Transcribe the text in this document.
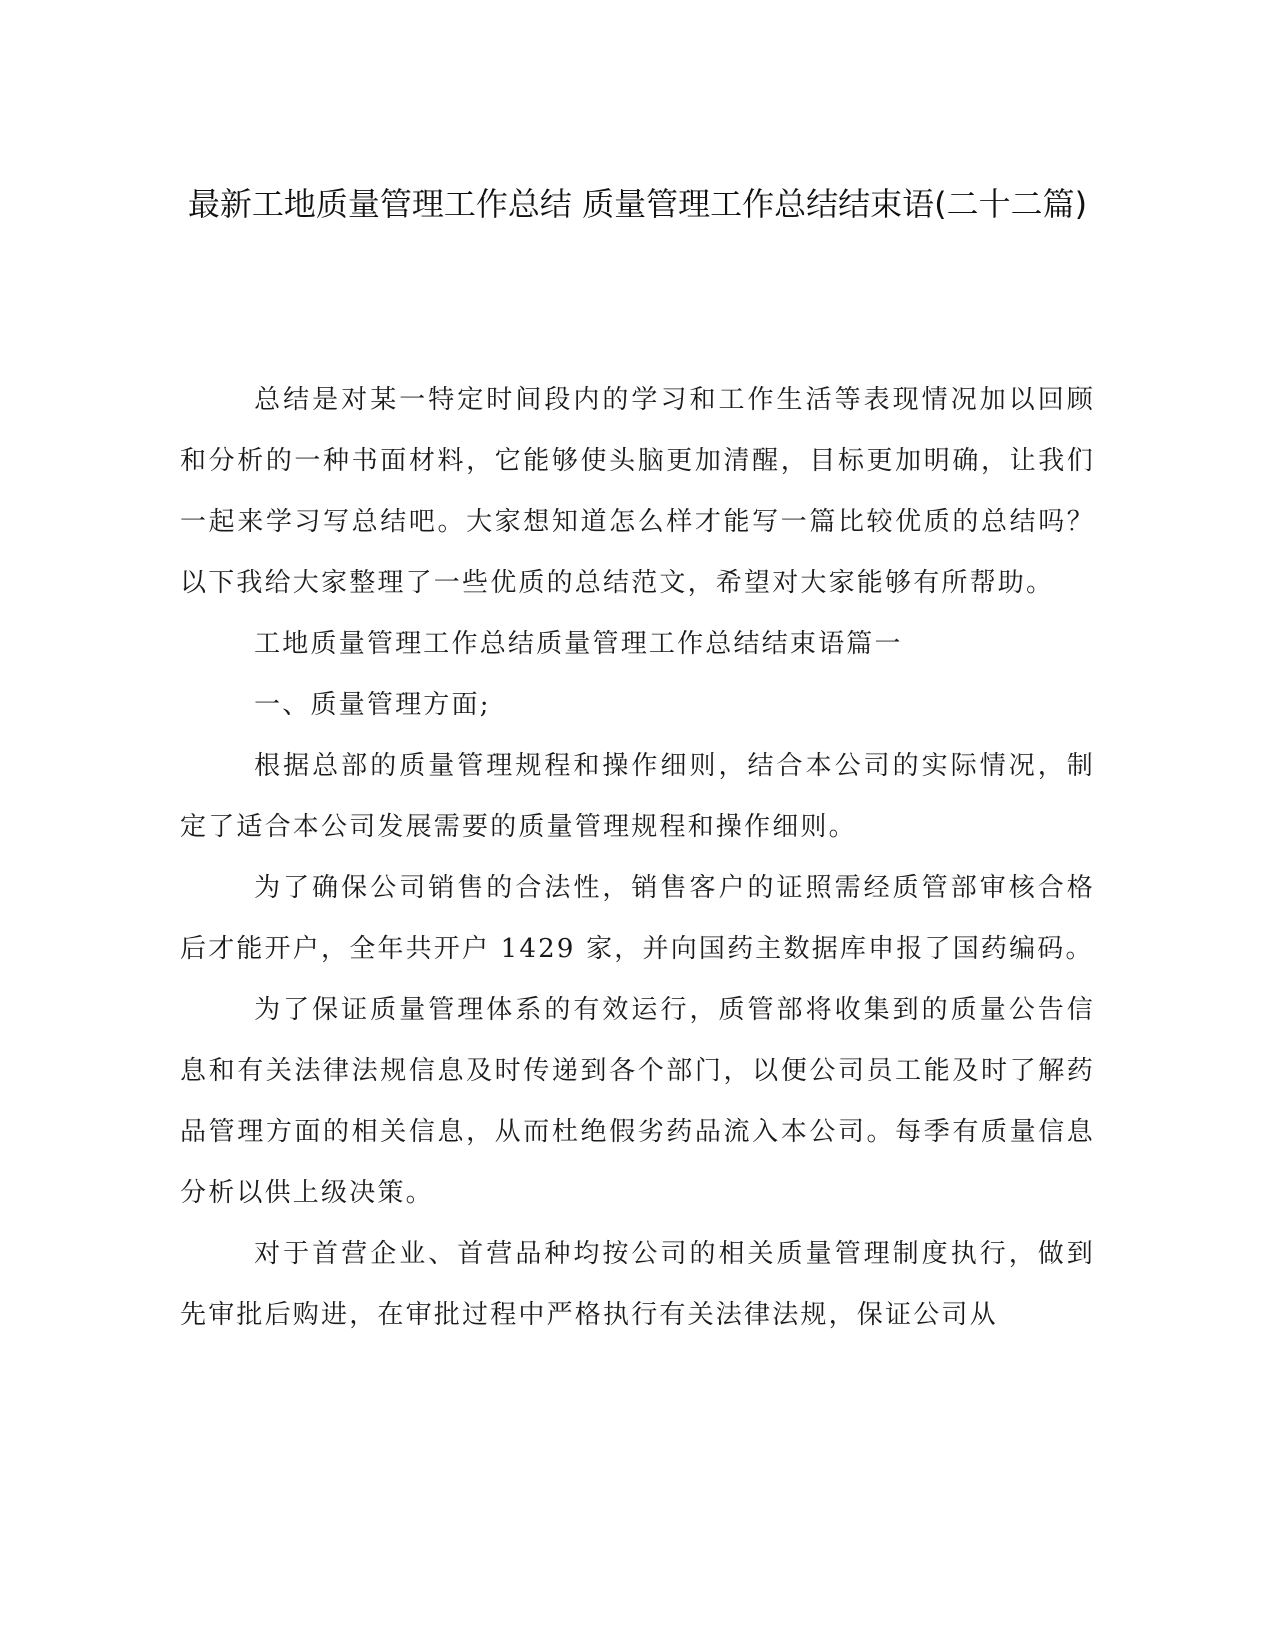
最新工地质量管理工作总结 质量管理工作总结结束语(二十二篇)

总结是对某一特定时间段内的学习和工作生活等表现情况加以回顾和分析的一种书面材料，它能够使头脑更加清醒，目标更加明确，让我们一起来学习写总结吧。大家想知道怎么样才能写一篇比较优质的总结吗？以下我给大家整理了一些优质的总结范文，希望对大家能够有所帮助。

工地质量管理工作总结质量管理工作总结结束语篇一

一、质量管理方面;

根据总部的质量管理规程和操作细则，结合本公司的实际情况，制定了适合本公司发展需要的质量管理规程和操作细则。

为了确保公司销售的合法性，销售客户的证照需经质管部审核合格后才能开户，全年共开户 1429 家，并向国药主数据库申报了国药编码。

为了保证质量管理体系的有效运行，质管部将收集到的质量公告信息和有关法律法规信息及时传递到各个部门，以便公司员工能及时了解药品管理方面的相关信息，从而杜绝假劣药品流入本公司。每季有质量信息分析以供上级决策。

对于首营企业、首营品种均按公司的相关质量管理制度执行，做到先审批后购进，在审批过程中严格执行有关法律法规，保证公司从
